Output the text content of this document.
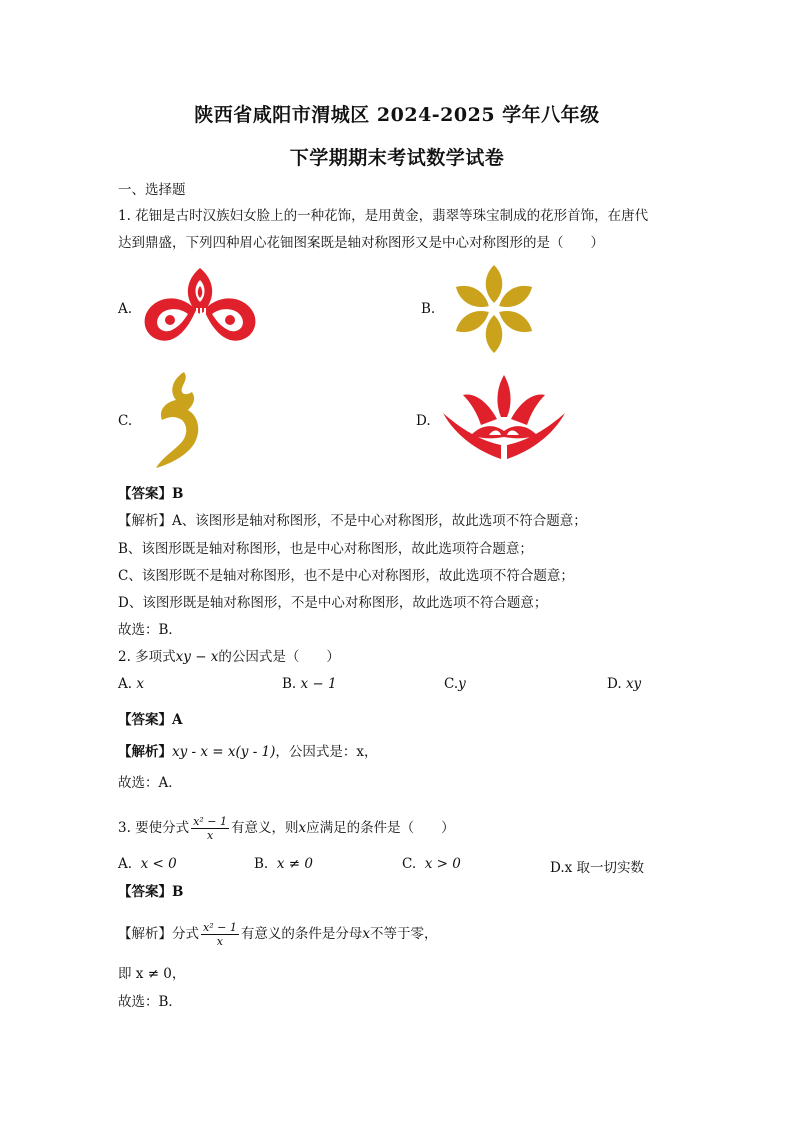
陕西省咸阳市渭城区 2024-2025 学年八年级
下学期期末考试数学试卷
一、选择题
1. 花钿是古时汉族妇女脸上的一种花饰，是用黄金，翡翠等珠宝制成的花形首饰，在唐代
达到鼎盛，下列四种眉心花钿图案既是轴对称图形又是中心对称图形的是（　　）
A.	B.
C.	D.
【答案】B
【解析】A、该图形是轴对称图形，不是中心对称图形，故此选项不符合题意；
B、该图形既是轴对称图形，也是中心对称图形，故此选项符合题意；
C、该图形既不是轴对称图形，也不是中心对称图形，故此选项不符合题意；
D、该图形既是轴对称图形，不是中心对称图形，故此选项不符合题意；
故选：B．
2. 多项式xy − x的公因式是（　　）
A. x	B. x − 1	C.y	D. xy
【答案】A
【解析】xy - x = x(y - 1)，公因式是：x，
故选：A．
3. 要使分式 $\frac{\text{x² − 1}}{x}$ 有意义，则x应满足的条件是（　　）
A. x < 0	B. x ≠ 0	C. x > 0	D.x 取一切实数
【答案】B
【解析】分式 $\frac{\text{x² − 1}}{x}$ 有意义的条件是分母x不等于零，
即 x ≠ 0，
故选：B．
